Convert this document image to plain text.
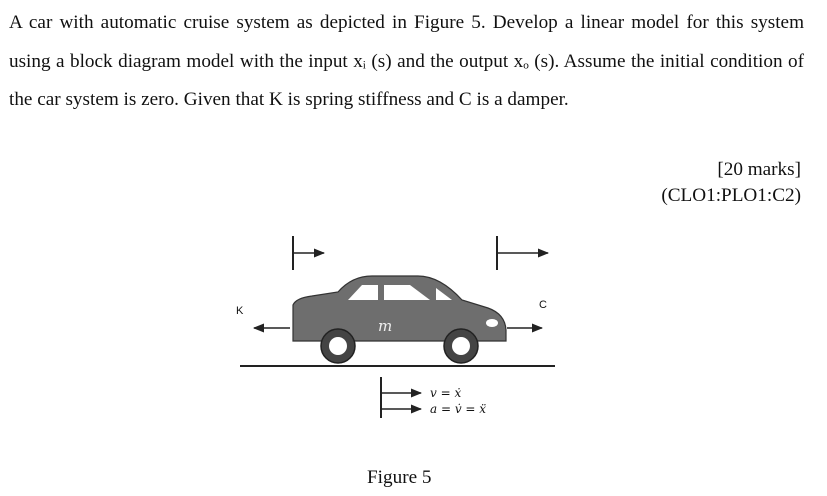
A car with automatic cruise system as depicted in Figure 5. Develop a linear model for this system using a block diagram model with the input xᵢ (s) and the output xₒ (s). Assume the initial condition of the car system is zero. Given that K is spring stiffness and C is a damper.
[20 marks]
(CLO1:PLO1:C2)
m
K	C
v = ẋ
a = v̇ = ẍ
Figure 5
